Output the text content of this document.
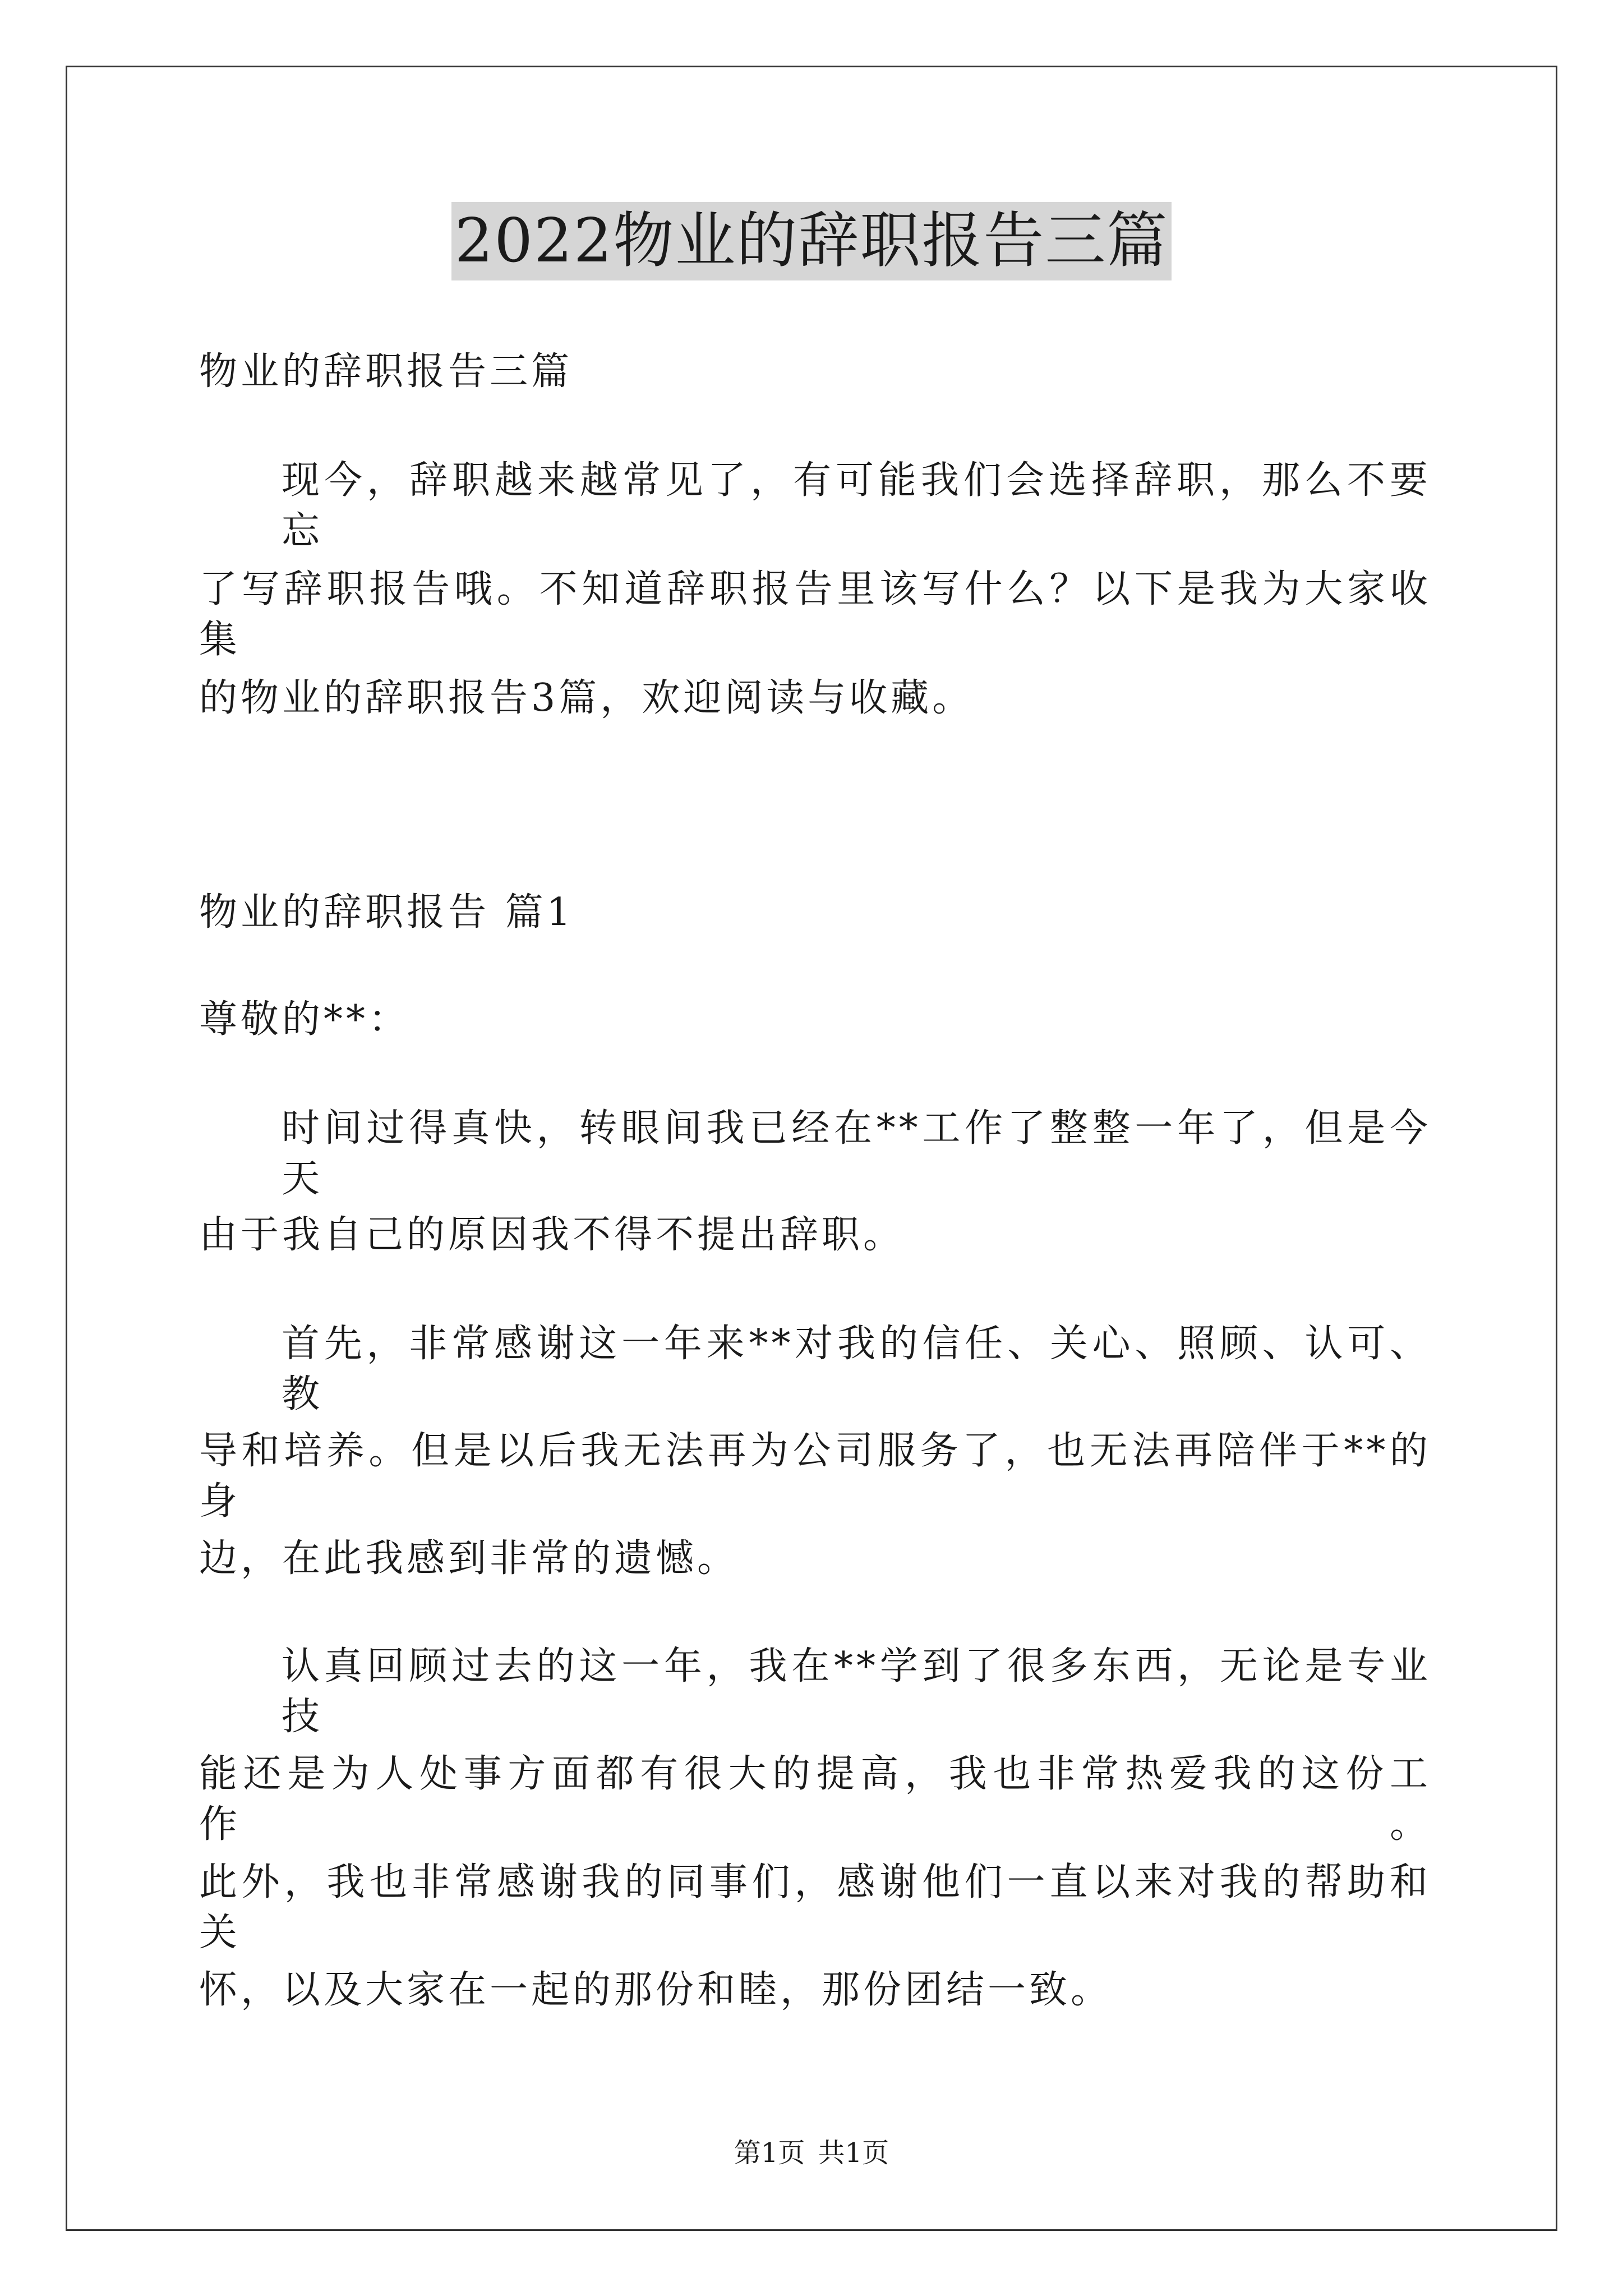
2022物业的辞职报告三篇
物业的辞职报告三篇
现今，辞职越来越常见了，有可能我们会选择辞职，那么不要忘
了写辞职报告哦。不知道辞职报告里该写什么？以下是我为大家收集
的物业的辞职报告3篇，欢迎阅读与收藏。
物业的辞职报告 篇1
尊敬的**：
时间过得真快，转眼间我已经在**工作了整整一年了，但是今天
由于我自己的原因我不得不提出辞职。
首先，非常感谢这一年来**对我的信任、关心、照顾、认可、教
导和培养。但是以后我无法再为公司服务了，也无法再陪伴于**的身
边，在此我感到非常的遗憾。
认真回顾过去的这一年，我在**学到了很多东西，无论是专业技
能还是为人处事方面都有很大的提高，我也非常热爱我的这份工作。
此外，我也非常感谢我的同事们，感谢他们一直以来对我的帮助和关
怀，以及大家在一起的那份和睦，那份团结一致。
第1页 共1页
